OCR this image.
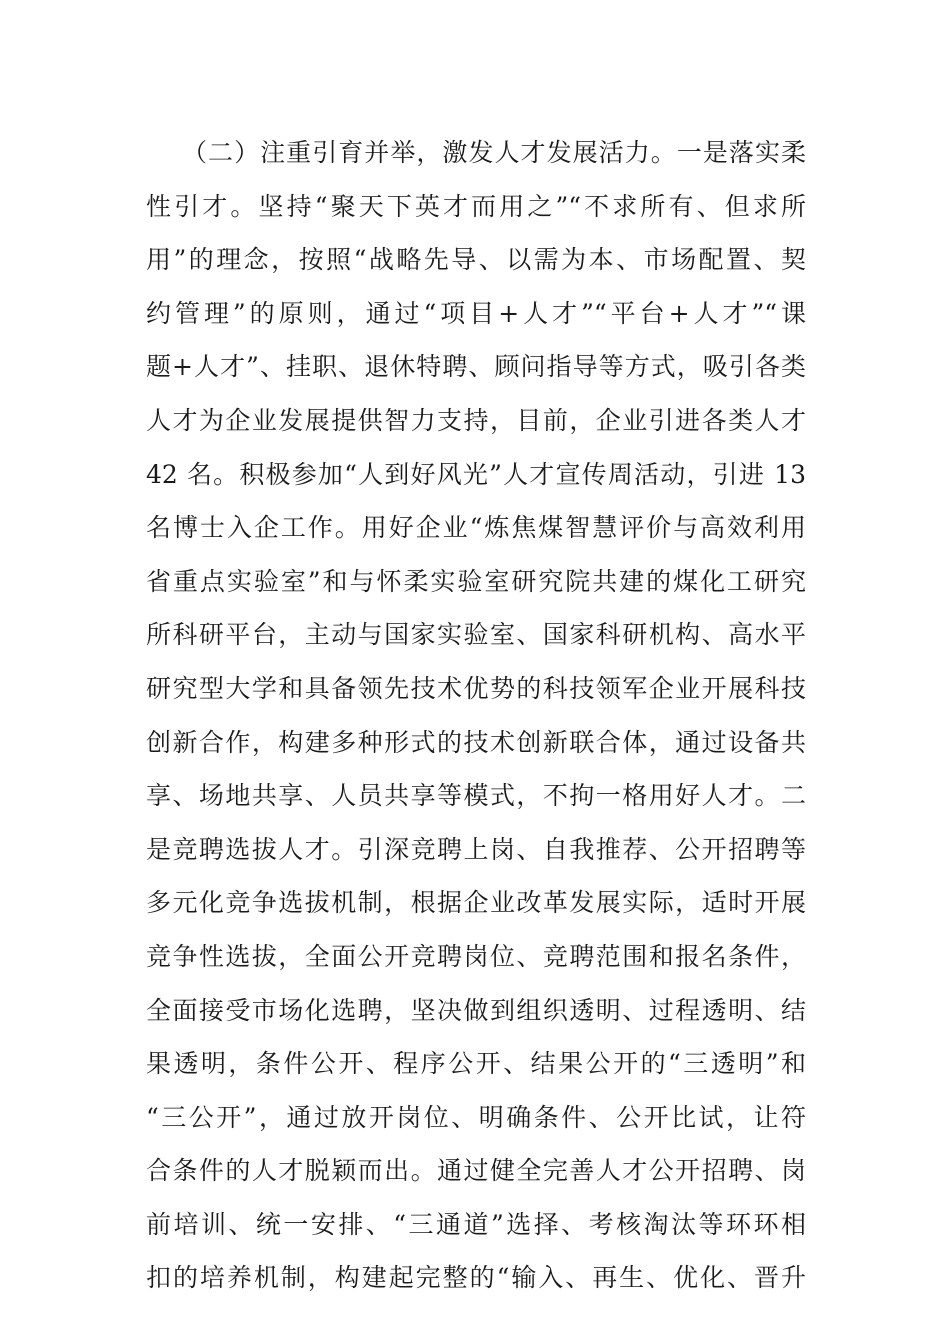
（二）注重引育并举，激发人才发展活力。一是落实柔
性引才。坚持“聚天下英才而用之”“不求所有、但求所
用”的理念，按照“战略先导、以需为本、市场配置、契
约管理”的原则，通过“项目+人才”“平台+人才”“课
题+人才”、挂职、退休特聘、顾问指导等方式，吸引各类
人才为企业发展提供智力支持，目前，企业引进各类人才
42 名。积极参加“人到好风光”人才宣传周活动，引进 13
名博士入企工作。用好企业“炼焦煤智慧评价与高效利用
省重点实验室”和与怀柔实验室研究院共建的煤化工研究
所科研平台，主动与国家实验室、国家科研机构、高水平
研究型大学和具备领先技术优势的科技领军企业开展科技
创新合作，构建多种形式的技术创新联合体，通过设备共
享、场地共享、人员共享等模式，不拘一格用好人才。二
是竞聘选拔人才。引深竞聘上岗、自我推荐、公开招聘等
多元化竞争选拔机制，根据企业改革发展实际，适时开展
竞争性选拔，全面公开竞聘岗位、竞聘范围和报名条件，
全面接受市场化选聘，坚决做到组织透明、过程透明、结
果透明，条件公开、程序公开、结果公开的“三透明”和
“三公开”，通过放开岗位、明确条件、公开比试，让符
合条件的人才脱颖而出。通过健全完善人才公开招聘、岗
前培训、统一安排、“三通道”选择、考核淘汰等环环相
扣的培养机制，构建起完整的“输入、再生、优化、晋升
